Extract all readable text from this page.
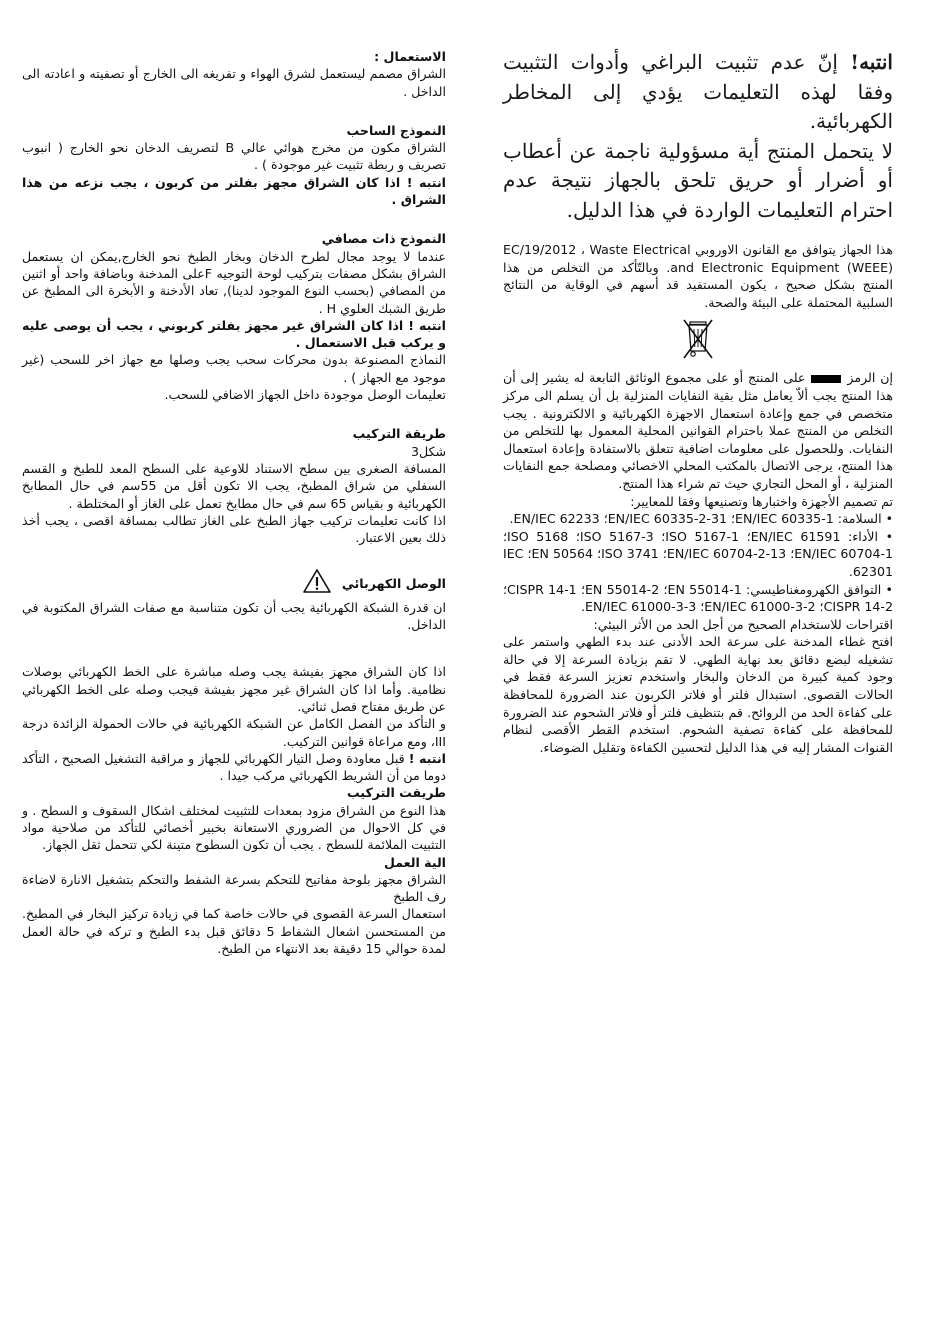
الاستعمال :

الشراق مصمم ليستعمل لشرق الهواء و تفريغه الى الخارج أو تصفيته و اعادته الى الداخل .

النموذج الساحب

الشراق مكون من مخرج هوائي عالي B لتصريف الدخان نحو الخارج ( انبوب تصريف و ربطة تثبيت غير موجودة ) .

انتبه ! اذا كان الشراق مجهز بفلتر من كربون ، يجب نزعه من هذا الشراق .

النموذج ذات مصافي

عندما لا يوجد مجال لطرح الدخان وبخار الطبخ نحو الخارج,يمكن ان يستعمل الشراق بشكل مصفات بتركيب لوحة التوجيه Fعلى المدخنة وباضافة واحد أو اثنين من المصافي (بحسب النوع الموجود لدينا), تعاد الأدخنة و الأبخرة الى المطبخ عن طريق الشبك العلوي H .

انتبه ! اذا كان الشراق غير مجهز بفلتر كربوني ، يجب أن يوصى عليه و يركب قبل الاستعمال .

النماذج المصنوعة بدون محركات سحب يجب وصلها مع جهاز اخر للسحب (غير موجود مع الجهاز ) .

تعليمات الوصل موجودة داخل الجهاز الاضافي للسحب.

طريقة التركيب

شكل3

المسافة الصغرى بين سطح الاستناد للاوعية على السطح المعد للطبخ و القسم السفلي من شراق المطبخ، يجب الا تكون أقل من 55سم في حال المطابخ الكهربائية و بقياس 65 سم في حال مطابخ تعمل على الغاز أو المختلطة .

اذا كانت تعليمات تركيب جهاز الطبخ على الغاز تطالب بمسافة اقصى ، يجب أخذ ذلك بعين الاعتبار.

الوصل الكهربائي

ان قدرة الشبكة الكهربائية يجب أن تكون متناسبة مع صفات الشراق المكتوبة في الداخل.

اذا كان الشراق مجهز بفيشة يجب وصله مباشرة على الخط الكهربائي بوصلات نظامية. وأما اذا كان الشراق غير مجهز بفيشة فيجب وصله على الخط الكهربائي عن طريق مفتاح فصل ثنائي.

و التأكد من الفصل الكامل عن الشبكة الكهربائية في حالات الحمولة الزائدة درجة III، ومع مراعاة قوانين التركيب.

انتبه ! قبل معاودة وصل التيار الكهربائي للجهاز و مراقبة التشغيل الصحيح ، التأكد دوما من أن الشريط الكهربائي مركب جيدا .

طريقت التركيب

هذا النوع من الشراق مزود بمعدات للتثبيت لمختلف اشكال السقوف و السطح . و في كل الاحوال من الضروري الاستعانة بخبير أخصائي للتأكد من صلاحية مواد التثبيت الملائمة للسطح . يجب أن تكون السطوح متينة لكي تتحمل ثقل الجهاز.

الية العمل

الشراق مجهز بلوحة مفاتيح للتحكم بسرعة الشفط والتحكم بتشغيل الانارة لاضاءة رف الطبخ

استعمال السرعة القصوى في حالات خاصة كما في زيادة تركيز البخار في المطبخ. من المستحسن اشعال الشفاط 5 دقائق قبل بدء الطبخ و تركه في حالة العمل لمدة حوالي 15 دقيقة بعد الانتهاء من الطبخ.

انتبه! إنّ عدم تثبيت البراغي وأدوات التثبيت وفقا لهذه التعليمات يؤدي إلى المخاطر الكهربائية.

لا يتحمل المنتج أية مسؤولية ناجمة عن أعطاب أو أضرار أو حريق تلحق بالجهاز نتيجة عدم احترام التعليمات الواردة في هذا الدليل.

هذا الجهاز يتوافق مع القانون الاوروبي EC/19/2012 ، Waste Electrical and Electronic Equipment (WEEE). وبالتّأكد من التخلص من هذا المنتج بشكل صحيح ، يكون المستفيد قد أسهم في الوقاية من النتائج السلبية المحتملة على البيئة والصحة.

إن الرمزعلى المنتج أو على مجموع الوثائق التابعة له يشير إلى أن هذا المنتج يجب ألاّ يعامل مثل بقية النفايات المنزلية بل أن يسلم الى مركز متخصص في جمع وإعادة استعمال الاجهزة الكهربائية و الالكترونية . يجب التخلص من المنتج عملا باحترام القوانين المحلية المعمول بها للتخلص من النفايات. وللحصول على معلومات اضافية تتعلق بالاستفادة وإعادة استعمال هذا المنتج، يرجى الاتصال بالمكتب المحلي الاخصائي ومصلحة جمع النفايات المنزلية ، أو المحل التجاري حيث تم شراء هذا المنتج.

تم تصميم الأجهزة واختبارها وتصنيعها وفقا للمعايير:

• السلامة: EN/IEC 60335-1؛ EN/IEC 60335-2-31؛ EN/IEC 62233.

• الأداء: EN/IEC 61591؛ ISO 5167-1؛ ISO 5167-3؛ ISO 5168؛ EN/IEC 60704-1؛ EN/IEC 60704-2-13؛ ISO 3741؛ EN 50564؛ IEC 62301.

• التوافق الكهرومغناطيسي: EN 55014-1؛ EN 55014-2؛ CISPR 14-1؛ CISPR 14-2؛ EN/IEC 61000-3-2؛ EN/IEC 61000-3-3.

اقتراحات للاستخدام الصحيح من أجل الحد من الأثر البيئي:

افتح غطاء المدخنة على سرعة الحد الأدنى عند بدء الطهي واستمر على تشغيله لبضع دقائق بعد نهاية الطهي. لا تقم بزيادة السرعة إلا في حالة وجود كمية كبيرة من الدخان والبخار واستخدم تعزيز السرعة فقط في الحالات القصوى. استبدال فلتر أو فلاتر الكربون عند الضرورة للمحافظة على كفاءة الحد من الروائح. قم بتنظيف فلتر أو فلاتر الشحوم عند الضرورة للمحافظة على كفاءة تصفية الشحوم. استخدم القطر الأقصى لنظام القنوات المشار إليه في هذا الدليل لتحسين الكفاءة وتقليل الضوضاء.
